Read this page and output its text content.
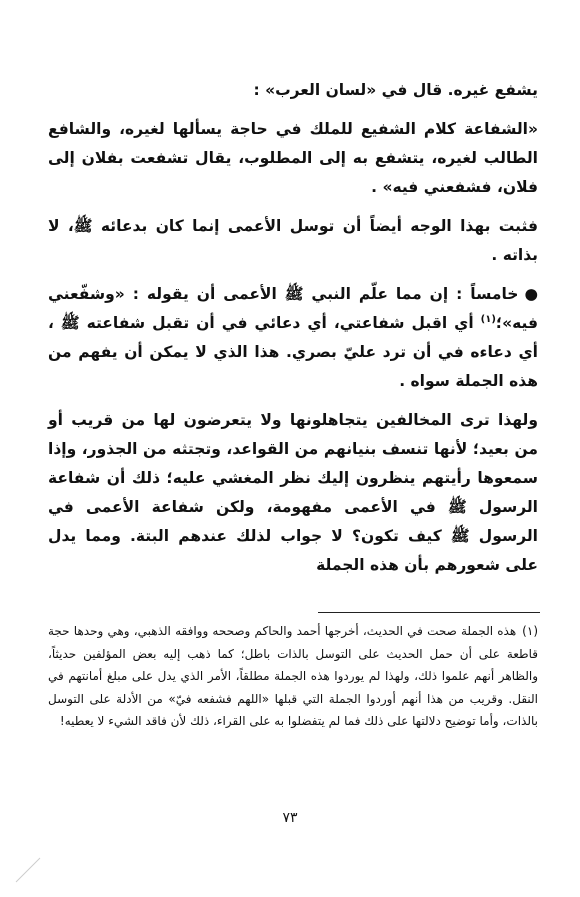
يشفع غيره. قال في «لسان العرب» :

«الشفاعة كلام الشفيع للملك في حاجة يسألها لغيره، والشافع الطالب لغيره، يتشفع به إلى المطلوب، يقال تشفعت بفلان إلى فلان، فشفعني فيه» .

فثبت بهذا الوجه أيضاً أن توسل الأعمى إنما كان بدعائه ﷺ، لا بذاته .

●خامساً : إن مما علّم النبي ﷺ الأعمى أن يقوله : «وشفّعني فيه»؛$^{(١)}$ أي اقبل شفاعتي، أي دعائي في أن تقبل شفاعته ﷺ ، أي دعاءه في أن ترد عليّ بصري. هذا الذي لا يمكن أن يفهم من هذه الجملة سواه .

ولهذا ترى المخالفين يتجاهلونها ولا يتعرضون لها من قريب أو من بعيد؛ لأنها تنسف بنيانهم من القواعد، وتجتثه من الجذور، وإذا سمعوها رأيتهم ينظرون إليك نظر المغشي عليه؛ ذلك أن شفاعة الرسول ﷺ في الأعمى مفهومة، ولكن شفاعة الأعمى في الرسول ﷺ كيف تكون؟ لا جواب لذلك عندهم البتة. ومما يدل على شعورهم بأن هذه الجملة

(١)هذه الجملة صحت في الحديث، أخرجها أحمد والحاكم وصححه ووافقه الذهبي، وهي وحدها حجة قاطعة على أن حمل الحديث على التوسل بالذات باطل؛ كما ذهب إليه بعض المؤلفين حديثاً، والظاهر أنهم علموا ذلك، ولهذا لم يوردوا هذه الجملة مطلقاً، الأمر الذي يدل على مبلغ أمانتهم في النقل. وقريب من هذا أنهم أوردوا الجملة التي قبلها «اللهم فشفعه فيّ» من الأدلة على التوسل بالذات، وأما توضيح دلالتها على ذلك فما لم يتفضلوا به على القراء، ذلك لأن فاقد الشيء لا يعطيه!

٧٣
